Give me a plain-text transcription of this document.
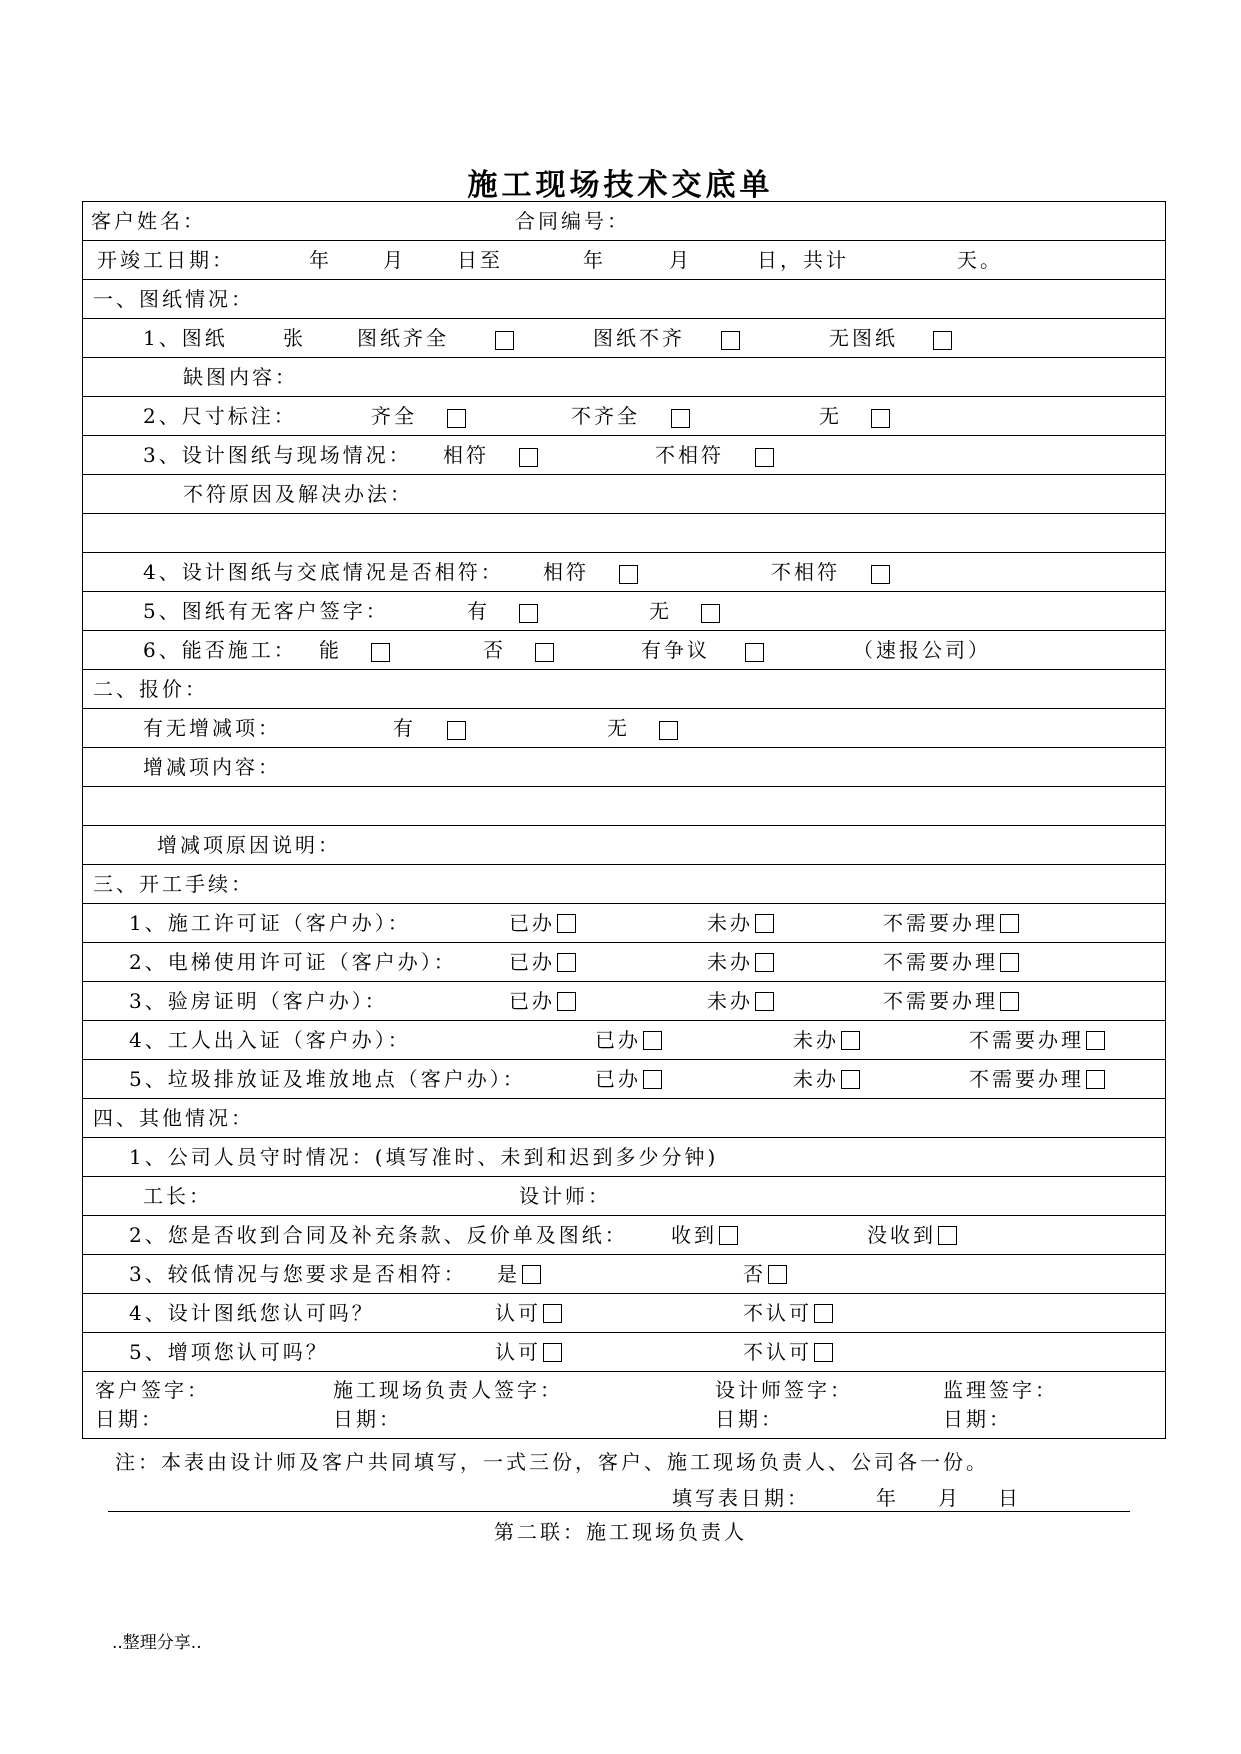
施工现场技术交底单
客户姓名：	合同编号：
开竣工日期：	年	月	日至	年	月	日，共计	天。
一、图纸情况：
1、图纸	张	图纸齐全	图纸不齐	无图纸
缺图内容：
2、尺寸标注：	齐全	不齐全	无
3、设计图纸与现场情况： 相符	不相符
不符原因及解决办法：
4、设计图纸与交底情况是否相符： 相符	不相符
5、图纸有无客户签字：	有	无
6、能否施工： 能	否	有争议	（速报公司）
二、报价：
有无增减项：	有	无
增减项内容：
增减项原因说明：
三、开工手续：
1、施工许可证（客户办）：	已办	未办	不需要办理
2、电梯使用许可证（客户办）：	已办	未办	不需要办理
3、验房证明（客户办）：	已办	未办	不需要办理
4、工人出入证（客户办）：	已办	未办	不需要办理
5、垃圾排放证及堆放地点（客户办）：	已办	未办	不需要办理
四、其他情况：
1、公司人员守时情况：(填写准时、未到和迟到多少分钟)
工长：	设计师：
2、您是否收到合同及补充条款、反价单及图纸： 收到	没收到
3、较低情况与您要求是否相符： 是	否
4、设计图纸您认可吗？	认可	不认可
5、增项您认可吗？	认可	不认可
客户签字：	施工现场负责人签字：	设计师签字：	监理签字：
日期：	日期：	日期：	日期：
注：本表由设计师及客户共同填写，一式三份，客户、施工现场负责人、公司各一份。
填写表日期：	年 月 日
第二联：施工现场负责人
..整理分享..
